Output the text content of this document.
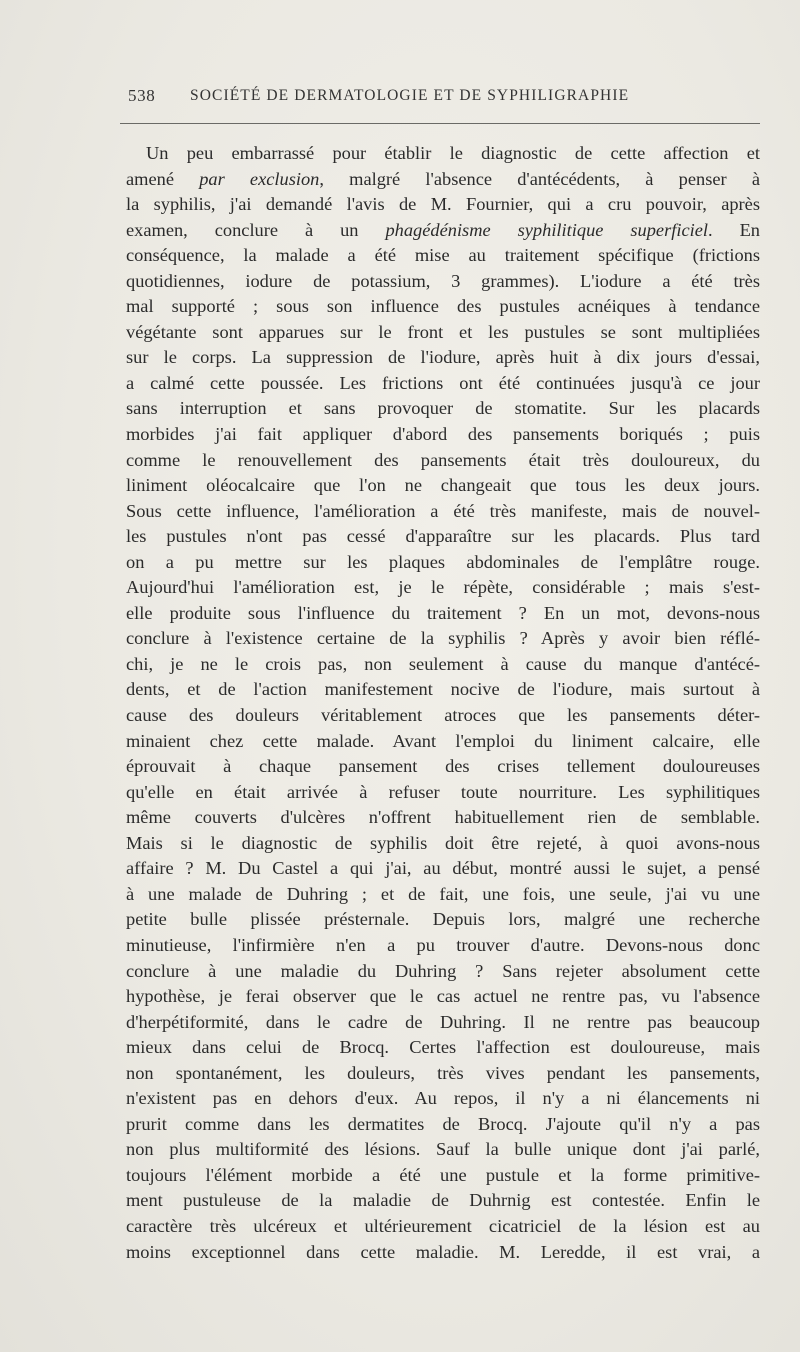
538 SOCIÉTÉ DE DERMATOLOGIE ET DE SYPHILIGRAPHIE
Un peu embarrassé pour établir le diagnostic de cette affection et
amené par exclusion, malgré l'absence d'antécédents, à penser à
la syphilis, j'ai demandé l'avis de M. Fournier, qui a cru pouvoir, après
examen, conclure à un phagédénisme syphilitique superficiel. En
conséquence, la malade a été mise au traitement spécifique (frictions
quotidiennes, iodure de potassium, 3 grammes). L'iodure a été très
mal supporté ; sous son influence des pustules acnéiques à tendance
végétante sont apparues sur le front et les pustules se sont multipliées
sur le corps. La suppression de l'iodure, après huit à dix jours d'essai,
a calmé cette poussée. Les frictions ont été continuées jusqu'à ce jour
sans interruption et sans provoquer de stomatite. Sur les placards
morbides j'ai fait appliquer d'abord des pansements boriqués ; puis
comme le renouvellement des pansements était très douloureux, du
liniment oléocalcaire que l'on ne changeait que tous les deux jours.
Sous cette influence, l'amélioration a été très manifeste, mais de nouvel-
les pustules n'ont pas cessé d'apparaître sur les placards. Plus tard
on a pu mettre sur les plaques abdominales de l'emplâtre rouge.
Aujourd'hui l'amélioration est, je le répète, considérable ; mais s'est-
elle produite sous l'influence du traitement ? En un mot, devons-nous
conclure à l'existence certaine de la syphilis ? Après y avoir bien réflé-
chi, je ne le crois pas, non seulement à cause du manque d'antécé-
dents, et de l'action manifestement nocive de l'iodure, mais surtout à
cause des douleurs véritablement atroces que les pansements déter-
minaient chez cette malade. Avant l'emploi du liniment calcaire, elle
éprouvait à chaque pansement des crises tellement douloureuses
qu'elle en était arrivée à refuser toute nourriture. Les syphilitiques
même couverts d'ulcères n'offrent habituellement rien de semblable.
Mais si le diagnostic de syphilis doit être rejeté, à quoi avons-nous
affaire ? M. Du Castel a qui j'ai, au début, montré aussi le sujet, a pensé
à une malade de Duhring ; et de fait, une fois, une seule, j'ai vu une
petite bulle plissée présternale. Depuis lors, malgré une recherche
minutieuse, l'infirmière n'en a pu trouver d'autre. Devons-nous donc
conclure à une maladie du Duhring ? Sans rejeter absolument cette
hypothèse, je ferai observer que le cas actuel ne rentre pas, vu l'absence
d'herpétiformité, dans le cadre de Duhring. Il ne rentre pas beaucoup
mieux dans celui de Brocq. Certes l'affection est douloureuse, mais
non spontanément, les douleurs, très vives pendant les pansements,
n'existent pas en dehors d'eux. Au repos, il n'y a ni élancements ni
prurit comme dans les dermatites de Brocq. J'ajoute qu'il n'y a pas
non plus multiformité des lésions. Sauf la bulle unique dont j'ai parlé,
toujours l'élément morbide a été une pustule et la forme primitive-
ment pustuleuse de la maladie de Duhrnig est contestée. Enfin le
caractère très ulcéreux et ultérieurement cicatriciel de la lésion est au
moins exceptionnel dans cette maladie. M. Leredde, il est vrai, a
